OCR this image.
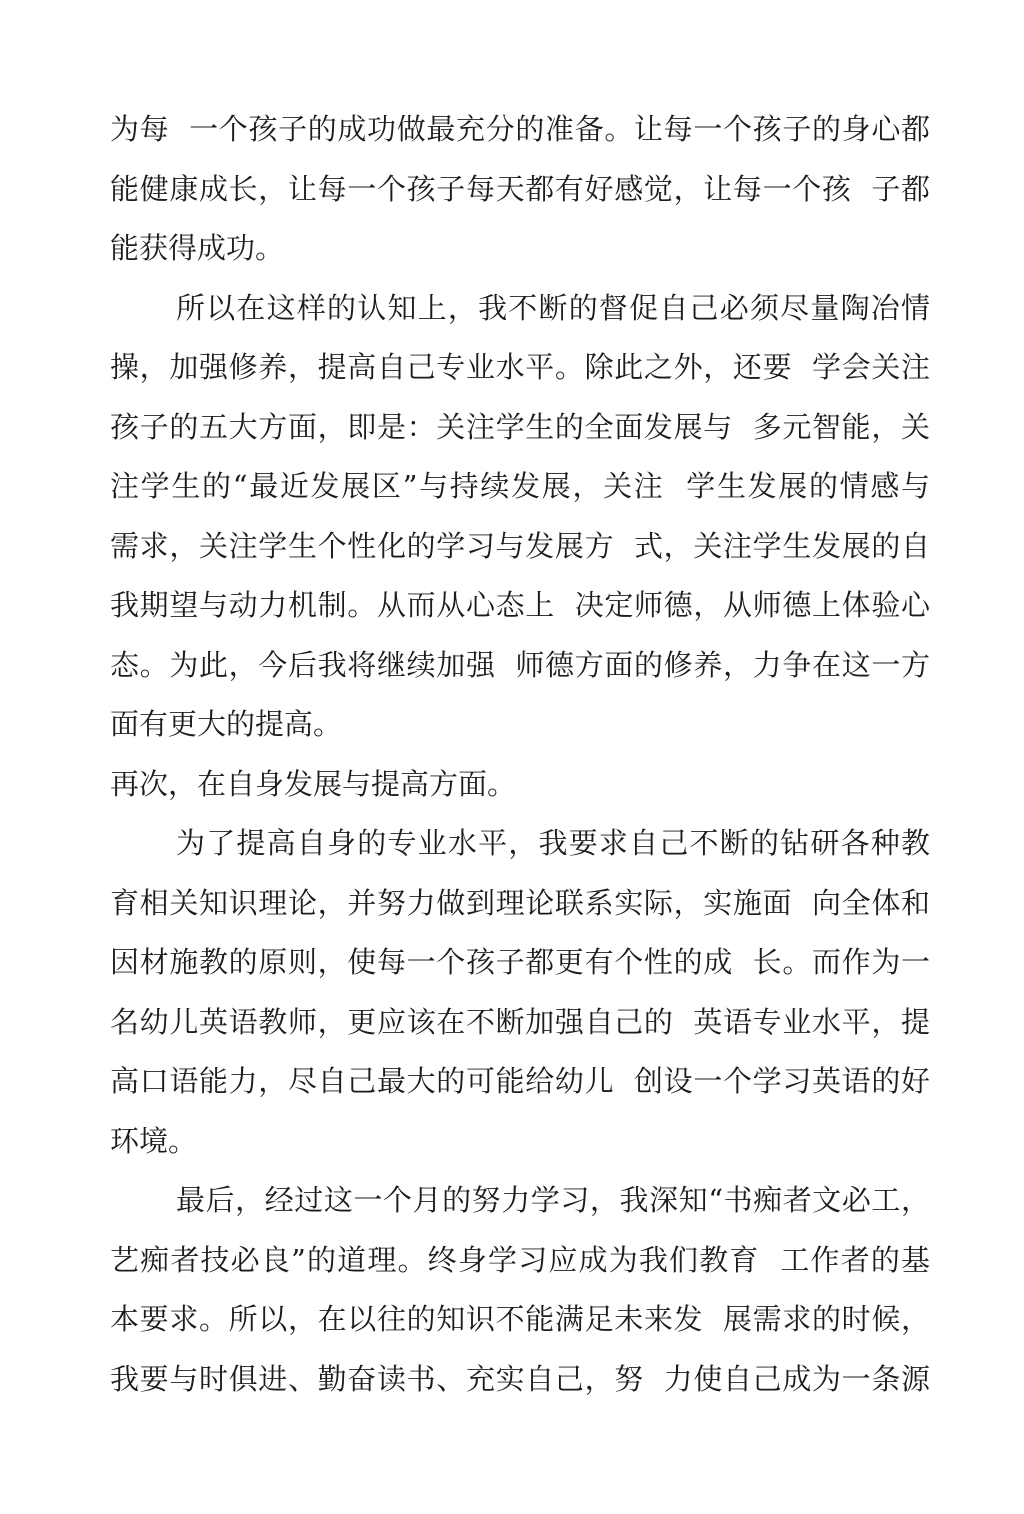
为每  一个孩子的成功做最充分的准备。让每一个孩子的身心都
能健康成长，让每一个孩子每天都有好感觉，让每一个孩  子都
能获得成功。
所以在这样的认知上，我不断的督促自己必须尽量陶冶情
操，加强修养，提高自己专业水平。除此之外，还要  学会关注
孩子的五大方面，即是：关注学生的全面发展与  多元智能，关
注学生的“最近发展区”与持续发展，关注  学生发展的情感与
需求，关注学生个性化的学习与发展方  式，关注学生发展的自
我期望与动力机制。从而从心态上  决定师德，从师德上体验心
态。为此，今后我将继续加强  师德方面的修养，力争在这一方
面有更大的提高。
再次，在自身发展与提高方面。
为了提高自身的专业水平，我要求自己不断的钻研各种教
育相关知识理论，并努力做到理论联系实际，实施面  向全体和
因材施教的原则，使每一个孩子都更有个性的成  长。而作为一
名幼儿英语教师，更应该在不断加强自己的  英语专业水平，提
高口语能力，尽自己最大的可能给幼儿  创设一个学习英语的好
环境。
最后，经过这一个月的努力学习，我深知“书痴者文必工，
艺痴者技必良”的道理。终身学习应成为我们教育  工作者的基
本要求。所以，在以往的知识不能满足未来发  展需求的时候，
我要与时俱进、勤奋读书、充实自己，努  力使自己成为一条源
